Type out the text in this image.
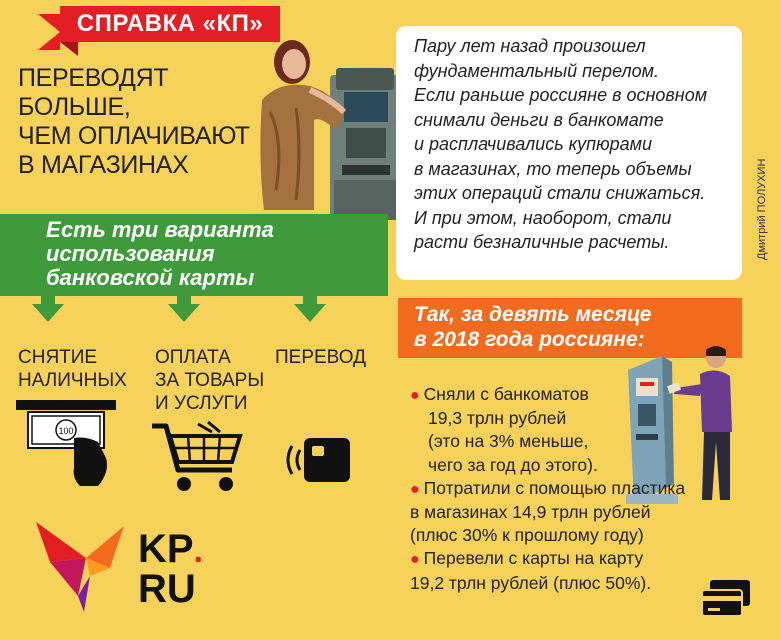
СПРАВКА «КП»
ПЕРЕВОДЯТ
БОЛЬШЕ,
ЧЕМ ОПЛАЧИВАЮТ
В МАГАЗИНАХ
Пару лет назад произошел
фундаментальный перелом.
Если раньше россияне в основном
снимали деньги в банкомате
и расплачивались купюрами
в магазинах, то теперь объемы
этих операций стали снижаться.
И при этом, наоборот, стали
расти безналичные расчеты.	Дмитрий ПОЛУХИН
Есть три варианта
использования
банковской карты
СНЯТИЕ
НАЛИЧНЫХ
ОПЛАТА
ЗА ТОВАРЫ
И УСЛУГИ
ПЕРЕВОД
100
Так, за девять месяце
в 2018 года россияне:
● Сняли с банкоматов
19,3 трлн рублей
(это на 3% меньше,
чего за год до этого).
● Потратили с помощью пластика
в магазинах 14,9 трлн рублей
(плюс 30% к прошлому году)
● Перевели с карты на карту
19,2 трлн рублей (плюс 50%).
KP.
RU
